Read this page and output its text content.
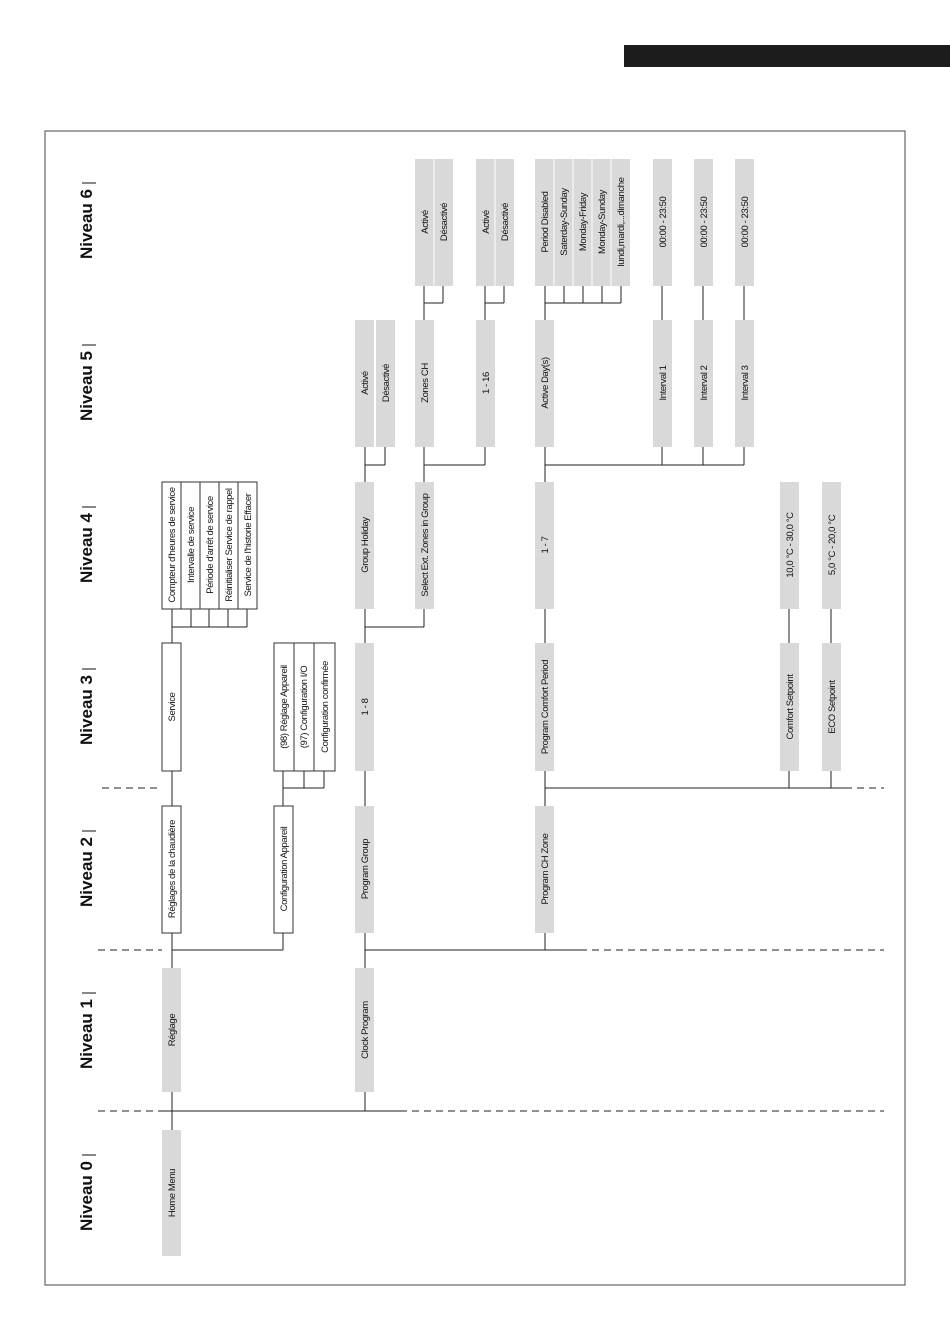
Niveau 0
Niveau 1
Niveau 2
Niveau 3
Niveau 4
Niveau 5
Niveau 6
Home Menu
Réglage	Clock Program
Réglages de la chaudière	Configuration Appareil	Program Group	Program CH Zone
Service	(98) Réglage Appareil (97) Configuration I/O Configuration confirmée	1 - 8	Program Comfort Period	Comfort Setpoint	ECO Setpoint
Compteur d'heures de service Intervalle de service Période d'arrêt de service Réinitialiser Service de rappel Service de l'historie Effacer	Group Holiday	Select Ext. Zones in Group	1 - 7	10,0 °C - 30,0 °C	5,0 °C - 20,0 °C
Activé Désactivé	Zones CH	1 - 16	Active Day(s)	Interval 1	Interval 2	Interval 3
Activé Désactivé	Activé Désactivé	Period Disabled Saterday-Sunday Monday-Friday Monday-Sunday lundi,mardi,...dimanche	00:00 - 23:50	00:00 - 23:50	00:00 - 23:50
